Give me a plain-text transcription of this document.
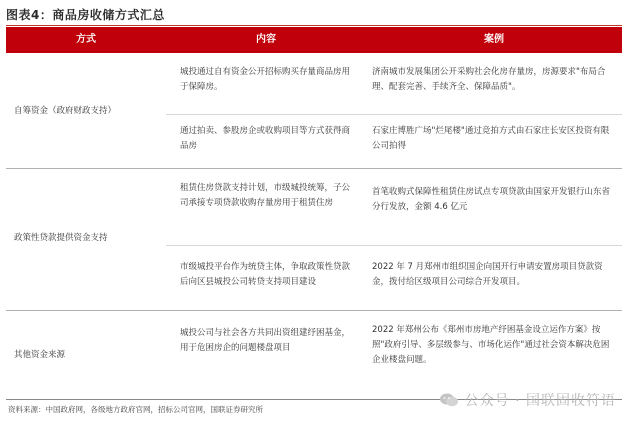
图表4：商品房收储方式汇总
方式	内容	案例
自筹资金（政府财政支持）
城投通过自有资金公开招标购买存量商品房用于保障房。
济南城市发展集团公开采购社会化房存量房，房源要求"布局合理、配套完善、手续齐全、保障品质"。
通过拍卖、参股房企或收购项目等方式获得商品房
石家庄博胜广场"烂尾楼"通过竞拍方式由石家庄长安区投资有限公司拍得
政策性贷款提供资金支持
租赁住房贷款支持计划，市级城投统筹，子公司承接专项贷款收购存量房用于租赁住房
首笔收购式保障性租赁住房试点专项贷款由国家开发银行山东省分行发放，金额 4.6 亿元
市级城投平台作为统贷主体，争取政策性贷款后向区县城投公司转贷支持项目建设
2022 年 7 月郑州市组织国企向国开行申请安置房项目贷款资金，拨付给区级项目公司综合开发项目。
其他资金来源
城投公司与社会各方共同出资组建纾困基金，用于危困房企的问题楼盘项目
2022 年郑州公布《郑州市房地产纾困基金设立运作方案》按照"政府引导、多层级参与、市场化运作"通过社会资本解决危困企业楼盘问题。
资料来源：中国政府网，各级地方政府官网，招标公司官网，国联证券研究所
公众号 · 国联固收符语
